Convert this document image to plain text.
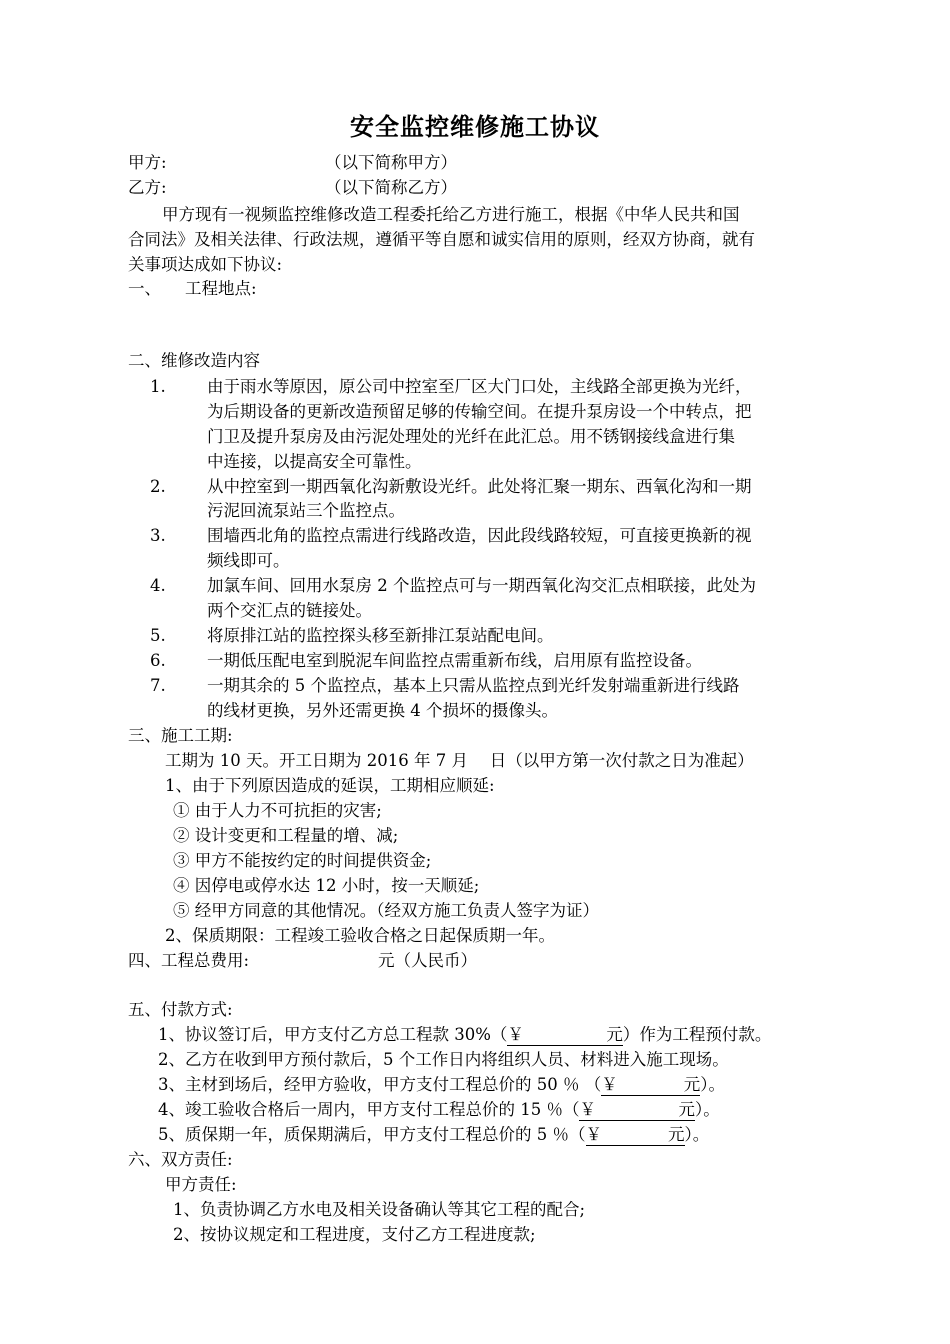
安全监控维修施工协议
甲方:	（以下简称甲方）
乙方:	（以下简称乙方）
甲方现有一视频监控维修改造工程委托给乙方进行施工，根据《中华人民共和国
合同法》及相关法律、行政法规，遵循平等自愿和诚实信用的原则，经双方协商，就有
关事项达成如下协议:
一、 工程地点:
二、维修改造内容
1.	由于雨水等原因，原公司中控室至厂区大门口处，主线路全部更换为光纤，
为后期设备的更新改造预留足够的传输空间。在提升泵房设一个中转点，把
门卫及提升泵房及由污泥处理处的光纤在此汇总。用不锈钢接线盒进行集
中连接，以提高安全可靠性。
2.	从中控室到一期西氧化沟新敷设光纤。此处将汇聚一期东、西氧化沟和一期
污泥回流泵站三个监控点。
3.	围墙西北角的监控点需进行线路改造，因此段线路较短，可直接更换新的视
频线即可。
4.	加氯车间、回用水泵房 2 个监控点可与一期西氧化沟交汇点相联接，此处为
两个交汇点的链接处。
5.	将原排江站的监控探头移至新排江泵站配电间。
6.	一期低压配电室到脱泥车间监控点需重新布线，启用原有监控设备。
7.	一期其余的 5 个监控点，基本上只需从监控点到光纤发射端重新进行线路
的线材更换，另外还需更换 4 个损坏的摄像头。
三、施工工期:
工期为 10 天。开工日期为 2016 年 7 月　 日（以甲方第一次付款之日为准起）
1、由于下列原因造成的延误，工期相应顺延:
① 由于人力不可抗拒的灾害;
② 设计变更和工程量的增、减;
③ 甲方不能按约定的时间提供资金;
④ 因停电或停水达 12 小时，按一天顺延;
⑤ 经甲方同意的其他情况。（经双方施工负责人签字为证）
2、保质期限：工程竣工验收合格之日起保质期一年。
四、工程总费用:	元（人民币）
五、付款方式:
1、协议签订后，甲方支付乙方总工程款 30%（￥　　　　　元）作为工程预付款。
2、乙方在收到甲方预付款后，5 个工作日内将组织人员、材料进入施工现场。
3、主材到场后，经甲方验收，甲方支付工程总价的 50 ％ （￥　　　　元）。
4、竣工验收合格后一周内，甲方支付工程总价的 15 ％（￥　　　　　元）。
5、质保期一年，质保期满后，甲方支付工程总价的 5 ％（￥　　　　元）。
六、双方责任:
甲方责任:
1、负责协调乙方水电及相关设备确认等其它工程的配合;
2、按协议规定和工程进度，支付乙方工程进度款;
